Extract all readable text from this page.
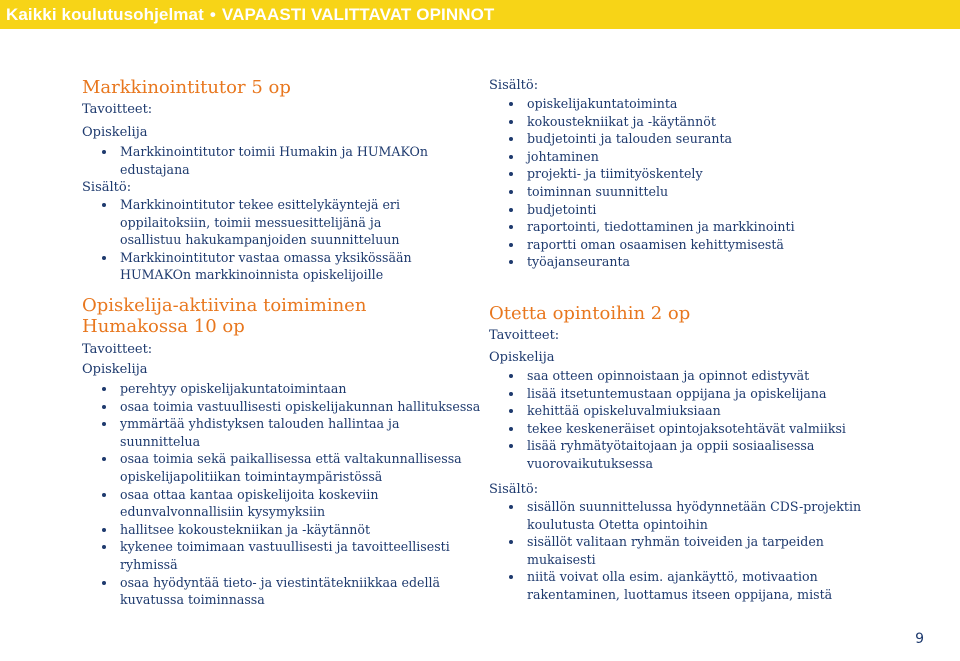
Kaikki koulutusohjelmat • VAPAASTI VALITTAVAT OPINNOT
Markkinointitutor 5 op

Tavoitteet:

Opiskelija

Markkinointitutor toimii Humakin ja HUMAKOn edustajana

Sisältö:

Markkinointitutor tekee esittelykäyntejä eri oppilaitoksiin, toimii messuesittelijänä ja osallistuu hakukampanjoiden suunnitteluun
Markkinointitutor vastaa omassa yksikössään HUMAKOn markkinoinnista opiskelijoille
Opiskelija-aktiivina toimiminen
Humakossa 10 op

Tavoitteet:

Opiskelija

perehtyy opiskelijakuntatoimintaan
osaa toimia vastuullisesti opiskelijakunnan hallituksessa
ymmärtää yhdistyksen talouden hallintaa ja suunnittelua
osaa toimia sekä paikallisessa että valtakunnallisessa opiskelijapolitiikan toimintaympäristössä
osaa ottaa kantaa opiskelijoita koskeviin edunvalvonnallisiin kysymyksiin
hallitsee kokoustekniikan ja -käytännöt
kykenee toimimaan vastuullisesti ja tavoitteellisesti ryhmissä
osaa hyödyntää tieto- ja viestintätekniikkaa edellä kuvatussa toiminnassa

Sisältö:

opiskelijakuntatoiminta
kokoustekniikat ja -käytännöt
budjetointi ja talouden seuranta
johtaminen
projekti- ja tiimityöskentely
toiminnan suunnittelu
budjetointi
raportointi, tiedottaminen ja markkinointi
raportti oman osaamisen kehittymisestä
työajanseuranta
Otetta opintoihin 2 op

Tavoitteet:

Opiskelija

saa otteen opinnoistaan ja opinnot edistyvät
lisää itsetuntemustaan oppijana ja opiskelijana
kehittää opiskeluvalmiuksiaan
tekee keskeneräiset opintojaksotehtävät valmiiksi
lisää ryhmätyötaitojaan ja oppii sosiaalisessa vuorovaikutuksessa

Sisältö:

sisällön suunnittelussa hyödynnetään CDS-projektin koulutusta Otetta opintoihin
sisällöt valitaan ryhmän toiveiden ja tarpeiden mukaisesti
niitä voivat olla esim. ajankäyttö, motivaation rakentaminen, luottamus itseen oppijana, mistä
9
